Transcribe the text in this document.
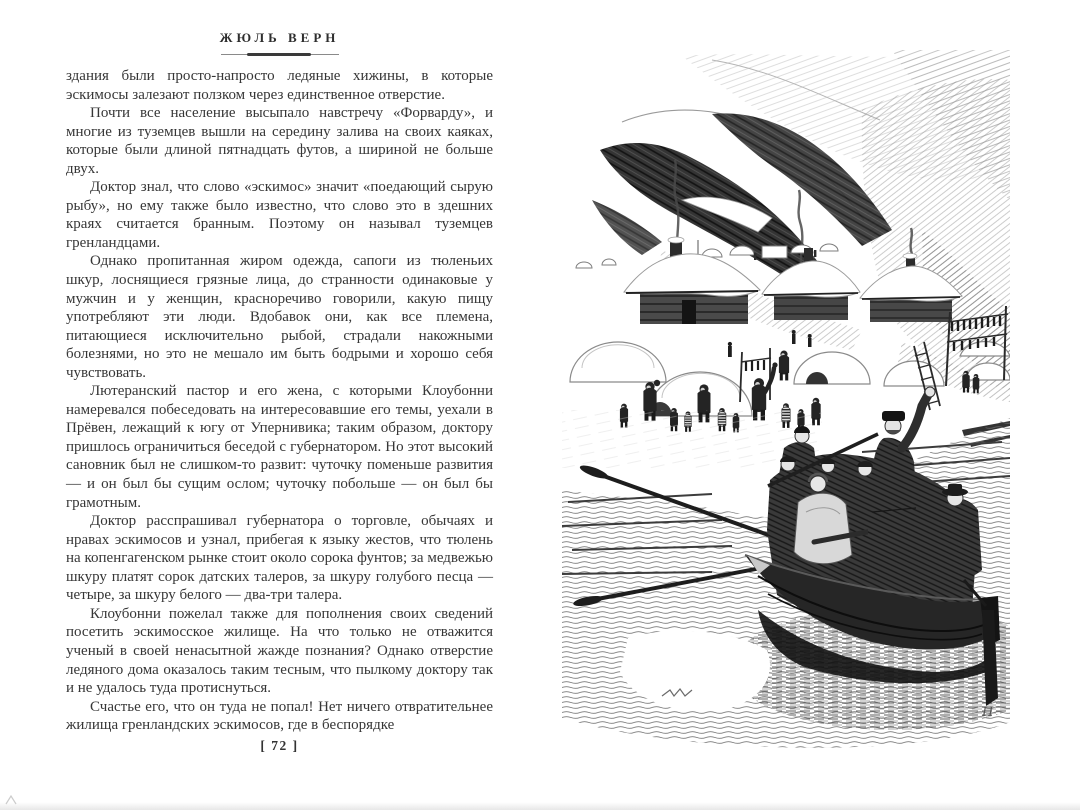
ЖЮЛЬ ВЕРН

здания были просто-напросто ледяные хижины, в которые эскимосы залезают ползком через единственное отверстие.

Почти все население высыпало навстречу «Форварду», и многие из туземцев вышли на середину залива на своих каяках, которые были длиной пятнадцать футов, а шириной не больше двух.

Доктор знал, что слово «эскимос» значит «поедающий сырую рыбу», но ему также было известно, что слово это в здешних краях считается бранным. Поэтому он называл туземцев гренландцами.

Однако пропитанная жиром одежда, сапоги из тюленьих шкур, лоснящиеся грязные лица, до странности одинаковые у мужчин и у женщин, красноречиво говорили, какую пищу употребляют эти люди. Вдобавок они, как все племена, питающиеся исключительно рыбой, страдали накожными болезнями, но это не мешало им быть бодрыми и хорошо себя чувствовать.

Лютеранский пастор и его жена, с которыми Клоубонни намеревался побеседовать на интересовавшие его темы, уехали в Прёвен, лежащий к югу от Упернивика; таким образом, доктору пришлось ограничиться беседой с губернатором. Но этот высокий сановник был не слишком-то развит: чуточку поменьше развития — и он был бы сущим ослом; чуточку побольше — он был бы грамотным.

Доктор расспрашивал губернатора о торговле, обычаях и нравах эскимосов и узнал, прибегая к языку жестов, что тюлень на копенгагенском рынке стоит около сорока фунтов; за медвежью шкуру платят сорок датских талеров, за шкуру голубого песца — четыре, за шкуру белого — два-три талера.

Клоубонни пожелал также для пополнения своих сведений посетить эскимосское жилище. На что только не отважится ученый в своей ненасытной жажде познания? Однако отверстие ледяного дома оказалось таким тесным, что пылкому доктору так и не удалось туда протиснуться.

Счастье его, что он туда не попал! Нет ничего отвратительнее жилища гренландских эскимосов, где в беспорядке

[ 72 ]
Н
